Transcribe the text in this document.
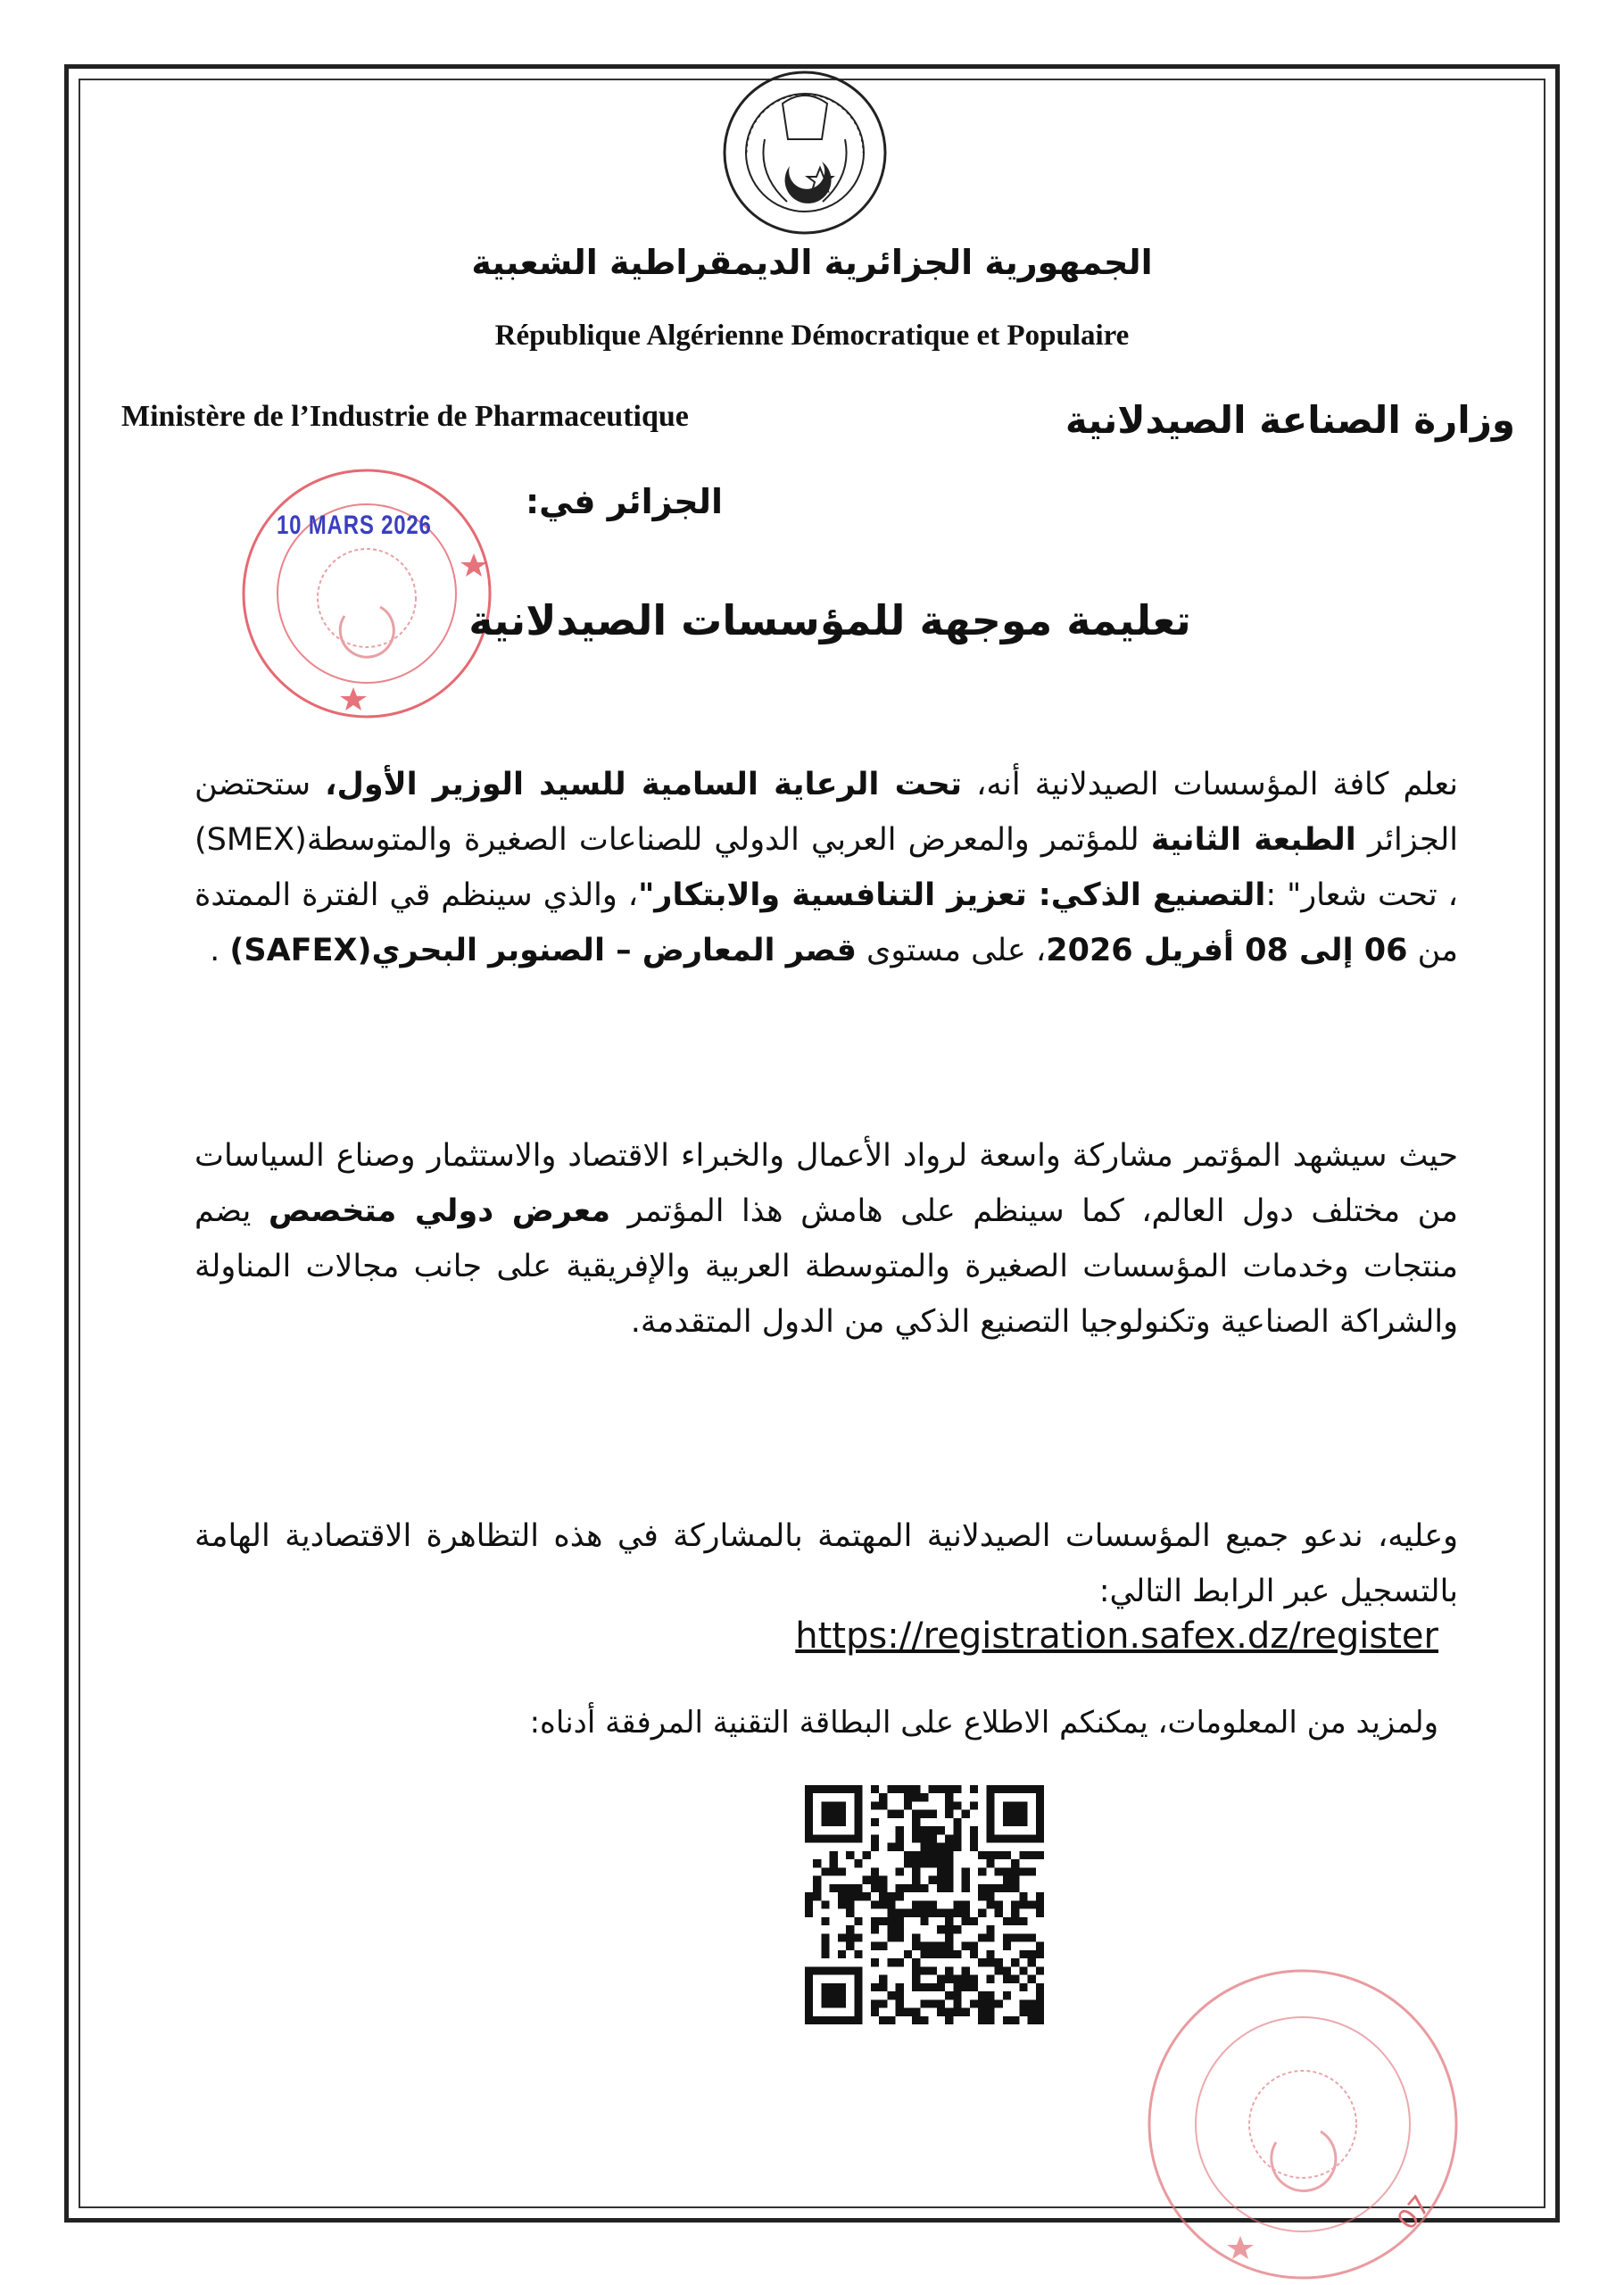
الجمهورية الجزائرية الديمقراطية الشعبية
République Algérienne Démocratique et Populaire
Ministère de l’Industrie de Pharmaceutique	وزارة الصناعة الصيدلانية
10 MARS 2026
الجزائر في:
تعليمة موجهة للمؤسسات الصيدلانية
نعلم كافة المؤسسات الصيدلانية أنه، تحت الرعاية السامية للسيد الوزير الأول، ستحتضن الجزائر الطبعة الثانية للمؤتمر والمعرض العربي الدولي للصناعات الصغيرة والمتوسطة(SMEX) ، تحت شعار" :التصنيع الذكي: تعزيز التنافسية والابتكار"، والذي سينظم قي الفترة الممتدة من 06 إلى 08 أفريل 2026، على مستوى قصر المعارض – الصنوبر البحري(SAFEX) .
حيث سيشهد المؤتمر مشاركة واسعة لرواد الأعمال والخبراء الاقتصاد والاستثمار وصناع السياسات من مختلف دول العالم، كما سينظم على هامش هذا المؤتمر معرض دولي متخصص يضم منتجات وخدمات المؤسسات الصغيرة والمتوسطة العربية والإفريقية على جانب مجالات المناولة والشراكة الصناعية وتكنولوجيا التصنيع الذكي من الدول المتقدمة.
وعليه، ندعو جميع المؤسسات الصيدلانية المهتمة بالمشاركة في هذه التظاهرة الاقتصادية الهامة بالتسجيل عبر الرابط التالي:
https://registration.safex.dz/register
ولمزيد من المعلومات، يمكنكم الاطلاع على البطاقة التقنية المرفقة أدناه:
07
